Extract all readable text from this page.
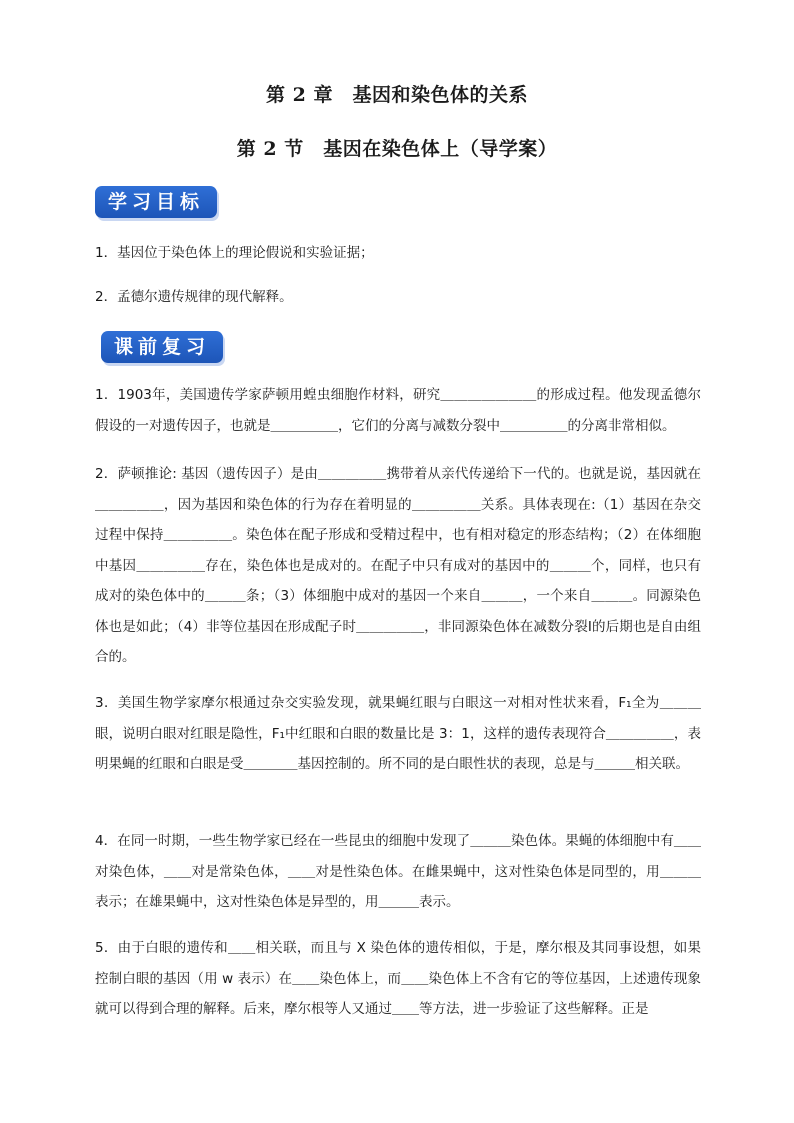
第 2 章　基因和染色体的关系
第 2 节　基因在染色体上（导学案）
学习目标
1．基因位于染色体上的理论假说和实验证据；
2．孟德尔遗传规律的现代解释。
课前复习
1．1903年，美国遗传学家萨顿用蝗虫细胞作材料，研究＿＿＿＿＿＿＿的形成过程。他发现孟德尔假设的一对遗传因子，也就是＿＿＿＿＿，它们的分离与减数分裂中＿＿＿＿＿的分离非常相似。
2．萨顿推论: 基因（遗传因子）是由＿＿＿＿＿携带着从亲代传递给下一代的。也就是说，基因就在＿＿＿＿＿，因为基因和染色体的行为存在着明显的＿＿＿＿＿关系。具体表现在:（1）基因在杂交过程中保持＿＿＿＿＿。染色体在配子形成和受精过程中，也有相对稳定的形态结构；（2）在体细胞中基因＿＿＿＿＿存在，染色体也是成对的。在配子中只有成对的基因中的＿＿＿个，同样，也只有成对的染色体中的＿＿＿条；（3）体细胞中成对的基因一个来自＿＿＿，一个来自＿＿＿。同源染色体也是如此；（4）非等位基因在形成配子时＿＿＿＿＿，非同源染色体在减数分裂Ⅰ的后期也是自由组合的。
3．美国生物学家摩尔根通过杂交实验发现，就果蝇红眼与白眼这一对相对性状来看，F₁全为＿＿＿眼，说明白眼对红眼是隐性，F₁中红眼和白眼的数量比是 3：1，这样的遗传表现符合＿＿＿＿＿，表明果蝇的红眼和白眼是受＿＿＿＿基因控制的。所不同的是白眼性状的表现，总是与＿＿＿相关联。
4．在同一时期，一些生物学家已经在一些昆虫的细胞中发现了＿＿＿染色体。果蝇的体细胞中有＿＿对染色体，＿＿对是常染色体，＿＿对是性染色体。在雌果蝇中，这对性染色体是同型的，用＿＿＿表示；在雄果蝇中，这对性染色体是异型的，用＿＿＿表示。
5．由于白眼的遗传和＿＿相关联，而且与 X 染色体的遗传相似，于是，摩尔根及其同事设想，如果控制白眼的基因（用 w 表示）在＿＿染色体上，而＿＿染色体上不含有它的等位基因，上述遗传现象就可以得到合理的解释。后来，摩尔根等人又通过＿＿等方法，进一步验证了这些解释。正是
